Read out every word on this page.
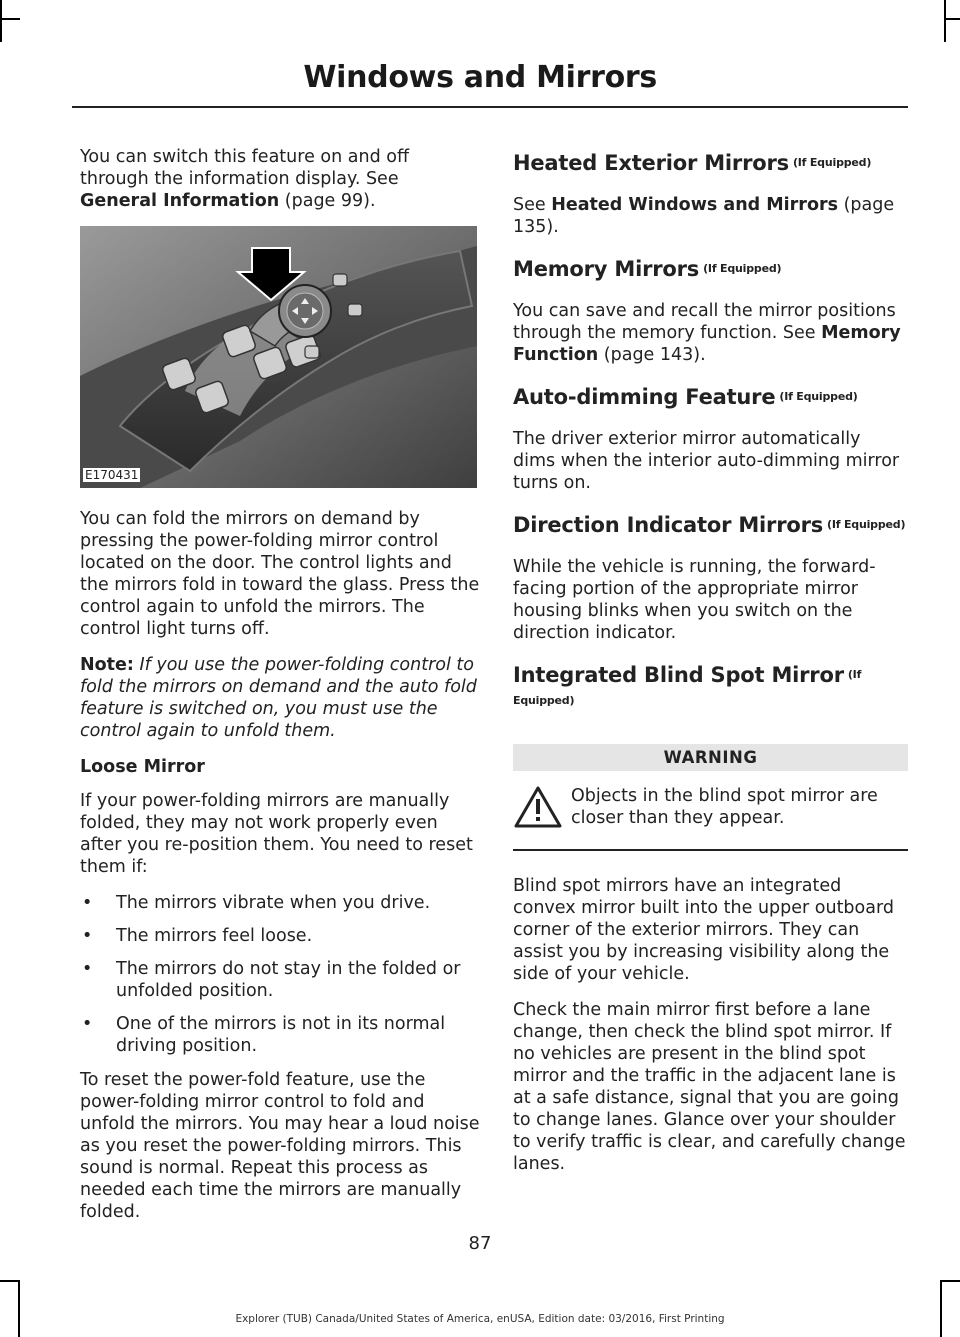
Windows and Mirrors

You can switch this feature on and off through the information display. See General Information (page 99).

E170431

You can fold the mirrors on demand by pressing the power-folding mirror control located on the door. The control lights and the mirrors fold in toward the glass. Press the control again to unfold the mirrors. The control light turns off.

Note: If you use the power-folding control to fold the mirrors on demand and the auto fold feature is switched on, you must use the control again to unfold them.

Loose Mirror

If your power-folding mirrors are manually folded, they may not work properly even after you re-position them. You need to reset them if:

• The mirrors vibrate when you drive.
• The mirrors feel loose.
• The mirrors do not stay in the folded or unfolded position.
• One of the mirrors is not in its normal driving position.

To reset the power-fold feature, use the power-folding mirror control to fold and unfold the mirrors. You may hear a loud noise as you reset the power-folding mirrors. This sound is normal. Repeat this process as needed each time the mirrors are manually folded.

Heated Exterior Mirrors (If Equipped)

See Heated Windows and Mirrors (page 135).

Memory Mirrors (If Equipped)

You can save and recall the mirror positions through the memory function. See Memory Function (page 143).

Auto-dimming Feature (If Equipped)

The driver exterior mirror automatically dims when the interior auto-dimming mirror turns on.

Direction Indicator Mirrors (If Equipped)

While the vehicle is running, the forward-facing portion of the appropriate mirror housing blinks when you switch on the direction indicator.

Integrated Blind Spot Mirror (If Equipped)
WARNING
Objects in the blind spot mirror are closer than they appear.

Blind spot mirrors have an integrated convex mirror built into the upper outboard corner of the exterior mirrors. They can assist you by increasing visibility along the side of your vehicle.

Check the main mirror first before a lane change, then check the blind spot mirror. If no vehicles are present in the blind spot mirror and the traffic in the adjacent lane is at a safe distance, signal that you are going to change lanes. Glance over your shoulder to verify traffic is clear, and carefully change lanes.

87
Explorer (TUB) Canada/United States of America, enUSA, Edition date: 03/2016, First Printing
